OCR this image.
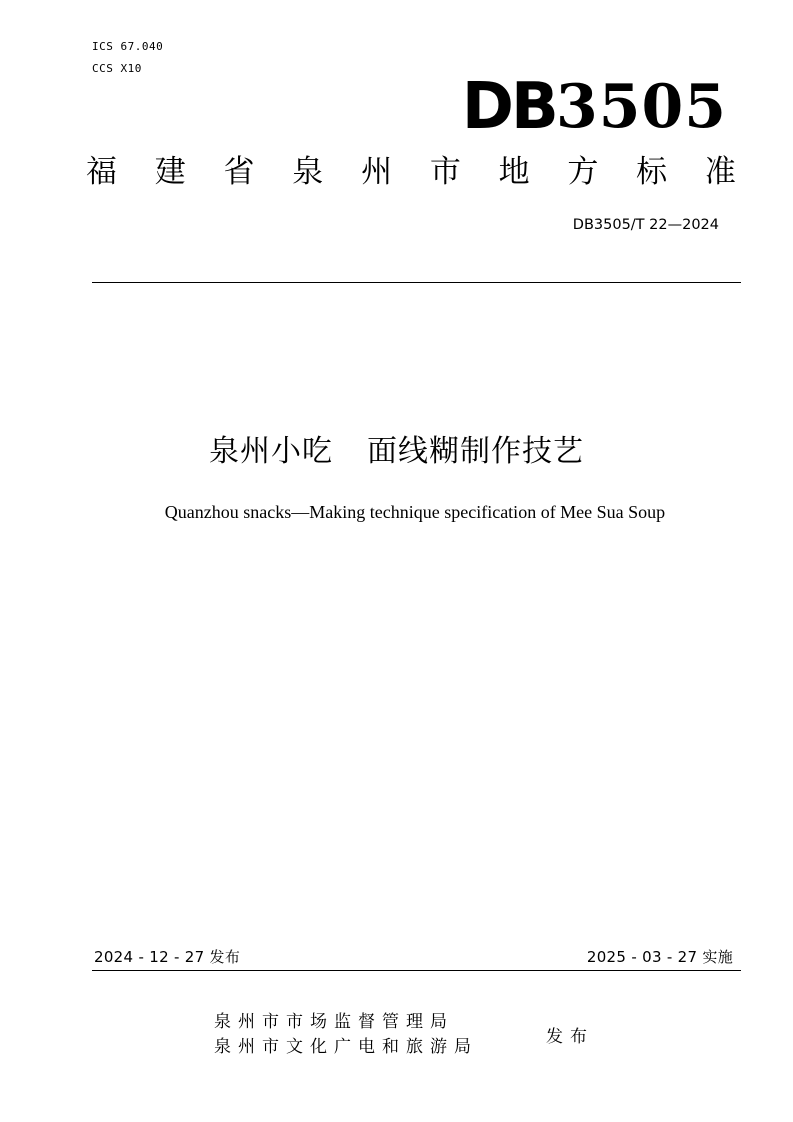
ICS 67.040
CCS X10
DB 3505
福 建 省 泉 州 市 地 方 标 准
DB3505/T 22—2024
泉州小吃 面线糊制作技艺
Quanzhou snacks—Making technique specification of Mee Sua Soup
2024 - 12 - 27 发布	2025 - 03 - 27 实施
泉州市市场监督管理局
泉州市文化广电和旅游局	发布
